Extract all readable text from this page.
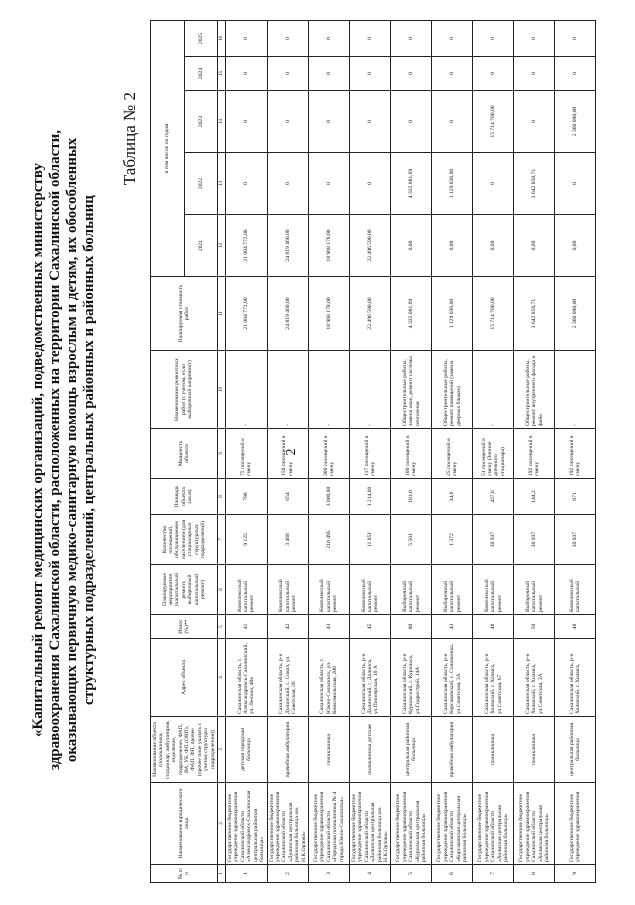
2
«Капитальный ремонт медицинских организаций, подведомственных министерству здравоохранения Сахалинской области, расположенных на территории Сахалинской области, оказывающих первичную медико-санитарную помощь взрослым и детям, их обособленных структурных подразделений, центральных районных и районных больниц
Таблица № 2
№ п/п	Наименование юридического лица	Наименование объекта (поликлиника, стационар, амбулатория, отделение, подразделение, ФАП, ВА, УБ, ФП (ОВП), ФАП, ФП, прочее (прочее иное указать с учетом структуры подразделения))	Адрес объекта	Износ (%)**	Планируемые мероприятия (капитальный ремонт, выборочный капитальный ремонт)	Количество посещений, обслуживаемое населением (для стационарных структурных подразделений)	Площадь объекта (кв.м)	Мощность объекта	Наименование ремонтных работ (с учетом, если выборочный капремонт)	Планируемая стоимость работ	в том числе по годам				
											2021	2022	2023	2024	2025
1	2	3	4	5	6	7	8	9	10	11	12	13	14	15	16
1	Государственное бюджетное учреждение здравоохранения Сахалинской области «Александровск-Сахалинская центральная районная больница»	детская городская больница	Сахалинская область, г. Александровск-Сахалинский, ул. Ленина, 48в	41	Комплексный капитальный ремонт	9 125	788	75 посещений в смену	-	21 004 772,00	21 004 772,00	0	0	0	0
2	Государственное бюджетное учреждение здравоохранения Сахалинской области «Долинская центральная районная больница им. Н.К.Орлова»	врачебная амбулатория	Сахалинская область, р-н Долинский, с. Сокол, ул. Советская, 26	42	Комплексный капитальный ремонт	3 468	654	150 посещений в смену	-	24 819 460,00	24 819 460,00	0	0	0	0
3	Государственное бюджетное учреждение здравоохранения Сахалинской области «Городская поликлиника № 4 города Южно-Сахалинска»	поликлиника	Сахалинская область, г. Южно-Сахалинск, ул. Комсомольская, 200	43	Комплексный капитальный ремонт	210 495	3 000,00	380 посещений в смену	-	18 968 178,00	18 968 178,00	0	0	0	0
4	Государственное бюджетное учреждение здравоохранения Сахалинской области «Долинская центральная районная больница им. Н.К.Орлова»	поликлиника детская	Сахалинская область, р-н Долинский, г. Долинск, ул.Пионерская, 10 А	45	Комплексный капитальный ремонт	11 851	1 214,00	117 посещений в смену	-	22 496 590,00	22 496 590,00	0	0	0	0
5	Государственное бюджетное учреждение здравоохранения Сахалинской области «Курильская центральная районная больница»	центральная районная больница	Сахалинская область, р-н Курильский, г. Курильск, ул.Гидрострой, 14А	80	Выборочный капитальный ремонт	5 501	181,0	100 посещений в смену	Общестроительные работы, замена окон, ремонт системы отопления	4 335 081,69	0,00	4 335 081,69	0	0	0
6	Государственное бюджетное учреждение здравоохранения Сахалинской области «Корсаковская центральная районная больница»	врачебная амбулатория	Сахалинская область, р-н Корсаковский, с. Соловьевка, ул.Советская, 3А	43	Выборочный капитальный ремонт	1 372	34,6	25 посещений в смену	Общестроительные работы, ремонт помещений (замена дверных блоков)	1 129 036,00	0,00	1 129 036,00	0	0	0
7	Государственное бюджетное учреждение здравоохранения Сахалинской области «Холмская центральная районная больница»	поликлиника	Сахалинская область, р-н Холмский, г. Холмск, ул.Советская, 67	48	Комплексный капитальный ремонт	30 937	437,6	51 посещений в смену (Зонное дневного стационара)	-	15 714 700,00	0,00	0	15 714 700,00	0	0
8	Государственное бюджетное учреждение здравоохранения Сахалинской области «Холмская центральная районная больница»	поликлиника	Сахалинская область, р-н Холмский, г. Холмск, ул.Советская, 3А	50	Выборочный капитальный ремонт	30 937	144,2	192 посещений в смену	Общестроительные работы, ремонт внутреннего фасада и фойе.	3 642 850,71	0,00	3 642 850,71	0	0	0
9	Государственное бюджетное учреждение здравоохранения	центральная районная больница	Сахалинская область, р-н Холмский, г. Холмск,	48	Комплексный капитальный	30 937	871	192 посещений в смену	-	2 300 000,00	0,00	0	2 300 000,00	0	0
